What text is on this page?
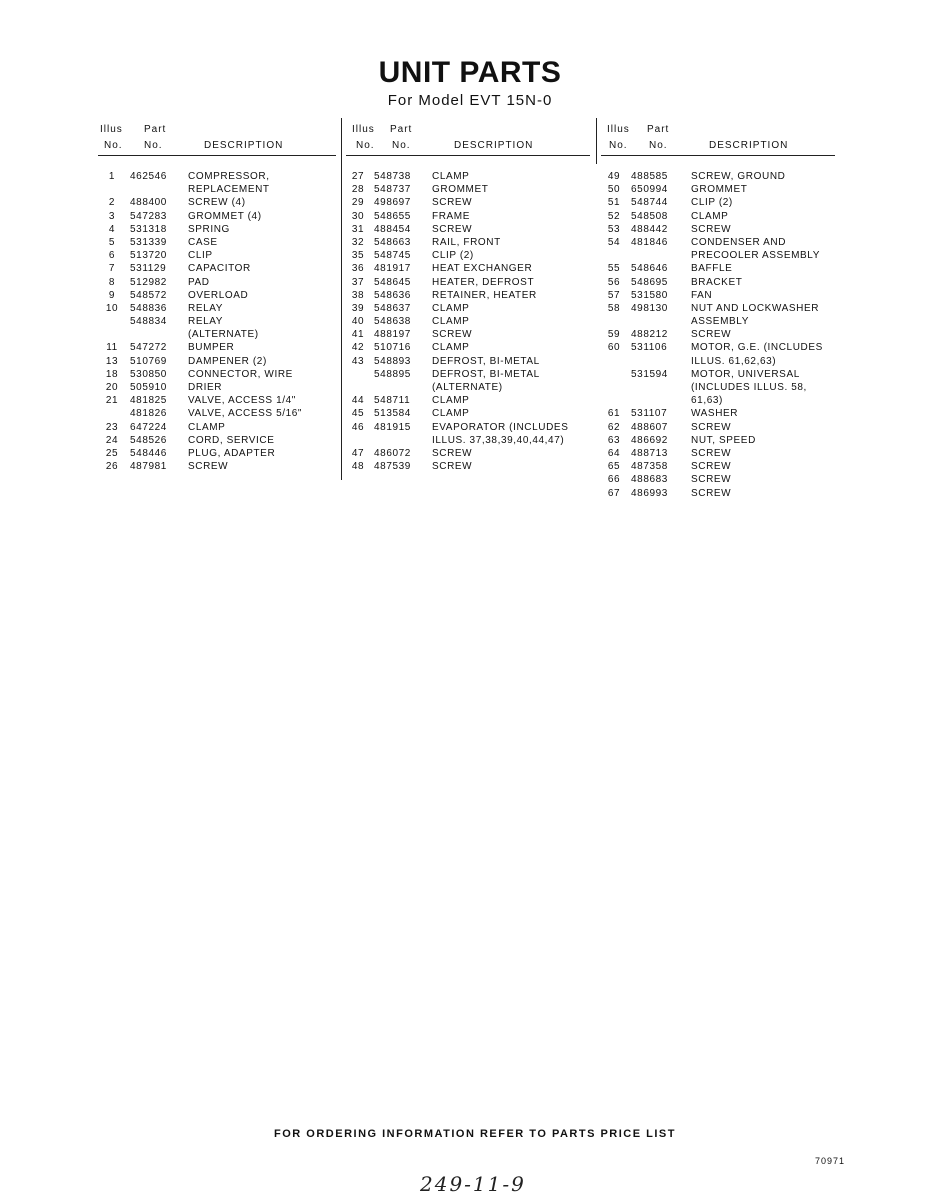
UNIT PARTS
For Model EVT 15N-0
Illus Part
No. No.	DESCRIPTION
1	462546	COMPRESSOR,
REPLACEMENT
2	488400	SCREW (4)
3	547283	GROMMET (4)
4	531318	SPRING
5	531339	CASE
6	513720	CLIP
7	531129	CAPACITOR
8	512982	PAD
9	548572	OVERLOAD
10	548836	RELAY
548834	RELAY
(ALTERNATE)
11	547272	BUMPER
13	510769	DAMPENER (2)
18	530850	CONNECTOR, WIRE
20	505910	DRIER
21	481825	VALVE, ACCESS 1/4"
481826	VALVE, ACCESS 5/16"
23	647224	CLAMP
24	548526	CORD, SERVICE
25	548446	PLUG, ADAPTER
26	487981	SCREW
Illus Part
No. No.	DESCRIPTION
27 548738	CLAMP
28 548737	GROMMET
29 498697	SCREW
30 548655	FRAME
31 488454	SCREW
32 548663	RAIL, FRONT
35 548745	CLIP (2)
36 481917	HEAT EXCHANGER
37 548645	HEATER, DEFROST
38 548636	RETAINER, HEATER
39 548637	CLAMP
40 548638	CLAMP
41 488197	SCREW
42 510716	CLAMP
43 548893	DEFROST, BI-METAL
548895	DEFROST, BI-METAL
(ALTERNATE)
44 548711	CLAMP
45 513584	CLAMP
46 481915	EVAPORATOR (INCLUDES
ILLUS. 37,38,39,40,44,47)
47 486072	SCREW
48 487539	SCREW
Illus Part
No. No.	DESCRIPTION
49	488585	SCREW, GROUND
50	650994	GROMMET
51	548744	CLIP (2)
52	548508	CLAMP
53	488442	SCREW
54	481846	CONDENSER AND
PRECOOLER ASSEMBLY
55	548646	BAFFLE
56	548695	BRACKET
57	531580	FAN
58	498130	NUT AND LOCKWASHER
ASSEMBLY
59	488212	SCREW
60	531106	MOTOR, G.E. (INCLUDES
ILLUS. 61,62,63)
531594	MOTOR, UNIVERSAL
(INCLUDES ILLUS. 58,
61,63)
61	531107	WASHER
62	488607	SCREW
63	486692	NUT, SPEED
64	488713	SCREW
65	487358	SCREW
66	488683	SCREW
67	486993	SCREW
FOR ORDERING INFORMATION REFER TO PARTS PRICE LIST
70971
249-11-9
